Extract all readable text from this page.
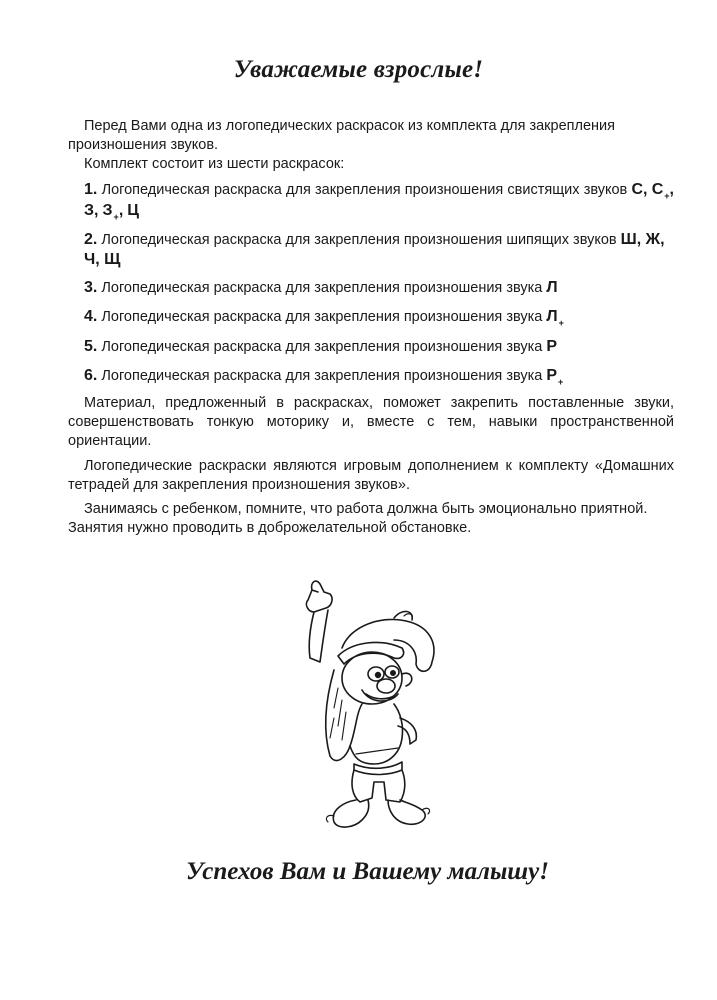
Уважаемые взрослые!

Перед Вами одна из логопедических раскрасок из комплекта для закрепления произношения звуков.

Комплект состоит из шести раскрасок:

1. Логопедическая раскраска для закрепления произношения свистящих звуков С, $С_+$, З, $З_+$, Ц

2. Логопедическая раскраска для закрепления произношения шипящих звуков Ш, Ж, Ч, Щ

3. Логопедическая раскраска для закрепления произношения звука Л

4. Логопедическая раскраска для закрепления произношения звука $Л_+$

5. Логопедическая раскраска для закрепления произношения звука Р

6. Логопедическая раскраска для закрепления произношения звука $Р_+$

Материал, предложенный в раскрасках, поможет закрепить поставленные звуки, совершенствовать тонкую моторику и, вместе с тем, навыки пространственной ориентации.

Логопедические раскраски являются игровым дополнением к комплекту «Домашних тетрадей для закрепления произношения звуков».

Занимаясь с ребенком, помните, что работа должна быть эмоционально приятной. Занятия нужно проводить в доброжелательной обстановке.

Успехов Вам и Вашему малышу!
